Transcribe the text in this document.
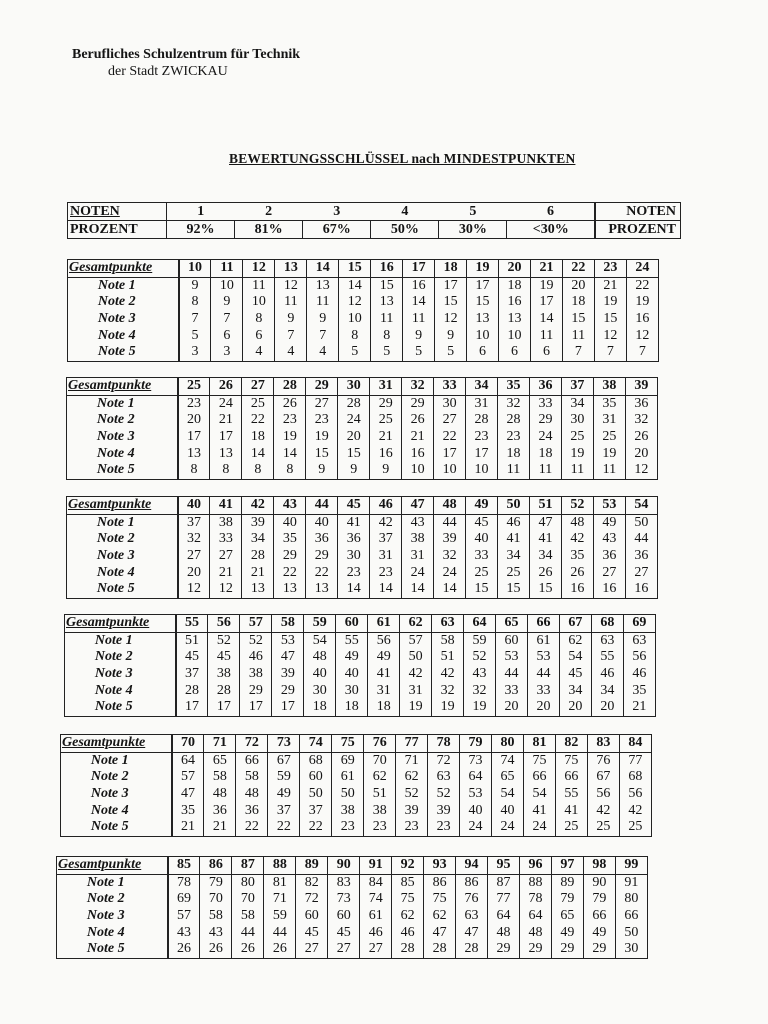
Berufliches Schulzentrum für Technik
der Stadt ZWICKAU
BEWERTUNGSSCHLÜSSEL nach MINDESTPUNKTEN
NOTEN	1	2	3	4	5	6	NOTEN
PROZENT	92%	81%	67%	50%	30%	<30%	PROZENT
Gesamtpunkte	10	11	12	13	14	15	16	17	18	19	20	21	22	23	24
Note 1	9	10	11	12	13	14	15	16	17	17	18	19	20	21	22
Note 2	8	9	10	11	11	12	13	14	15	15	16	17	18	19	19
Note 3	7	7	8	9	9	10	11	11	12	13	13	14	15	15	16
Note 4	5	6	6	7	7	8	8	9	9	10	10	11	11	12	12
Note 5	3	3	4	4	4	5	5	5	5	6	6	6	7	7	7
Gesamtpunkte	25	26	27	28	29	30	31	32	33	34	35	36	37	38	39
Note 1	23	24	25	26	27	28	29	29	30	31	32	33	34	35	36
Note 2	20	21	22	23	23	24	25	26	27	28	28	29	30	31	32
Note 3	17	17	18	19	19	20	21	21	22	23	23	24	25	25	26
Note 4	13	13	14	14	15	15	16	16	17	17	18	18	19	19	20
Note 5	8	8	8	8	9	9	9	10	10	10	11	11	11	11	12
Gesamtpunkte	40	41	42	43	44	45	46	47	48	49	50	51	52	53	54
Note 1	37	38	39	40	40	41	42	43	44	45	46	47	48	49	50
Note 2	32	33	34	35	36	36	37	38	39	40	41	41	42	43	44
Note 3	27	27	28	29	29	30	31	31	32	33	34	34	35	36	36
Note 4	20	21	21	22	22	23	23	24	24	25	25	26	26	27	27
Note 5	12	12	13	13	13	14	14	14	14	15	15	15	16	16	16
Gesamtpunkte	55	56	57	58	59	60	61	62	63	64	65	66	67	68	69
Note 1	51	52	52	53	54	55	56	57	58	59	60	61	62	63	63
Note 2	45	45	46	47	48	49	49	50	51	52	53	53	54	55	56
Note 3	37	38	38	39	40	40	41	42	42	43	44	44	45	46	46
Note 4	28	28	29	29	30	30	31	31	32	32	33	33	34	34	35
Note 5	17	17	17	17	18	18	18	19	19	19	20	20	20	20	21
Gesamtpunkte	70	71	72	73	74	75	76	77	78	79	80	81	82	83	84
Note 1	64	65	66	67	68	69	70	71	72	73	74	75	75	76	77
Note 2	57	58	58	59	60	61	62	62	63	64	65	66	66	67	68
Note 3	47	48	48	49	50	50	51	52	52	53	54	54	55	56	56
Note 4	35	36	36	37	37	38	38	39	39	40	40	41	41	42	42
Note 5	21	21	22	22	22	23	23	23	23	24	24	24	25	25	25
Gesamtpunkte	85	86	87	88	89	90	91	92	93	94	95	96	97	98	99
Note 1	78	79	80	81	82	83	84	85	86	86	87	88	89	90	91
Note 2	69	70	70	71	72	73	74	75	75	76	77	78	79	79	80
Note 3	57	58	58	59	60	60	61	62	62	63	64	64	65	66	66
Note 4	43	43	44	44	45	45	46	46	47	47	48	48	49	49	50
Note 5	26	26	26	26	27	27	27	28	28	28	29	29	29	29	30
